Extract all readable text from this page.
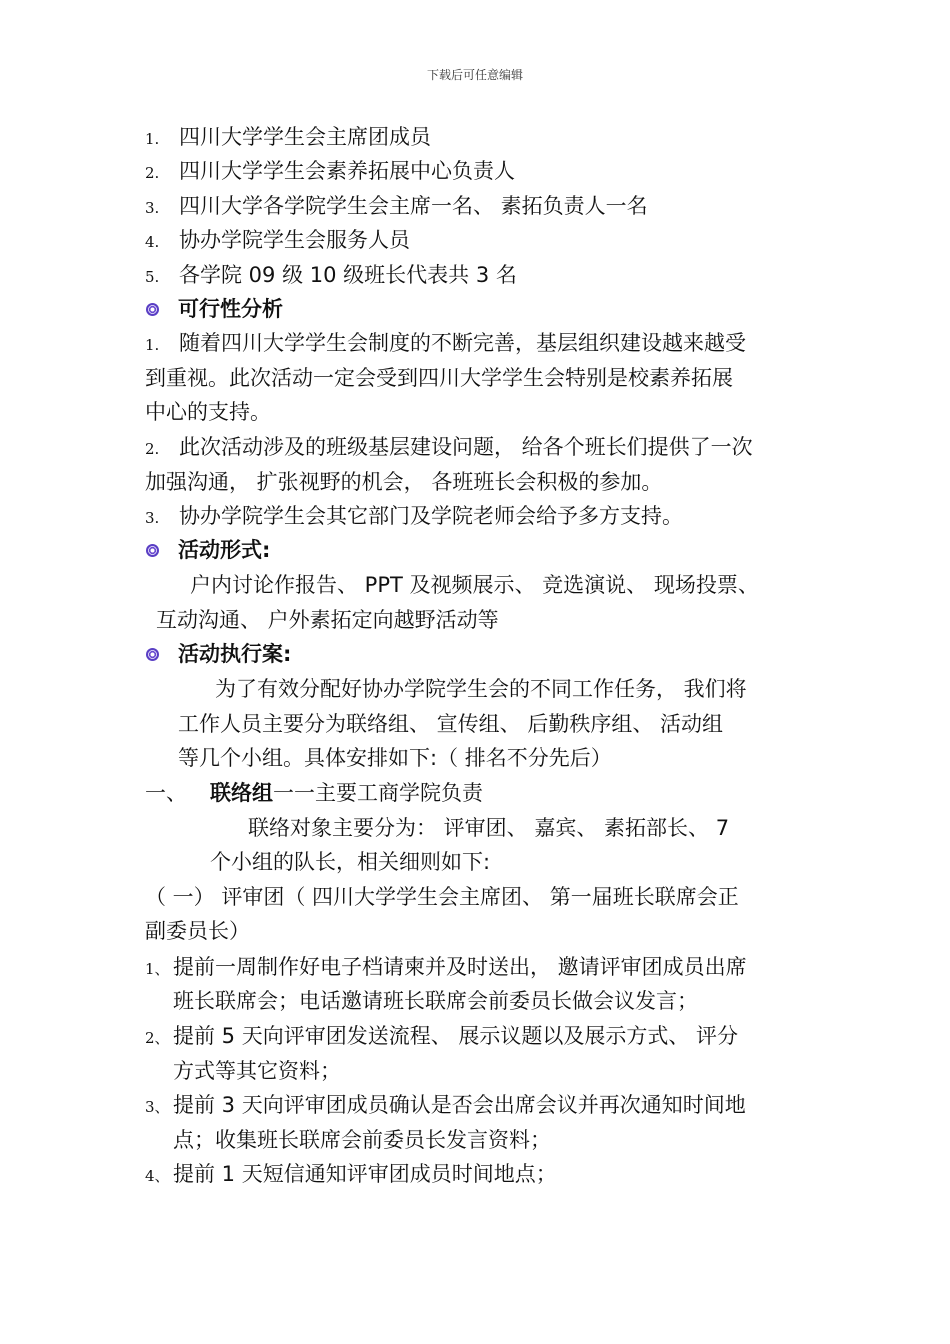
下载后可任意编辑
1. 四川大学学生会主席团成员
2. 四川大学学生会素养拓展中心负责人
3. 四川大学各学院学生会主席一名、 素拓负责人一名
4. 协办学院学生会服务人员
5. 各学院 09 级 10 级班长代表共 3 名
可行性分析
1. 随着四川大学学生会制度的不断完善，基层组织建设越来越受
到重视。此次活动一定会受到四川大学学生会特别是校素养拓展
中心的支持。
2. 此次活动涉及的班级基层建设问题， 给各个班长们提供了一次
加强沟通， 扩张视野的机会， 各班班长会积极的参加。
3. 协办学院学生会其它部门及学院老师会给予多方支持。
活动形式:
户内讨论作报告、 PPT 及视频展示、 竞选演说、 现场投票、
互动沟通、 户外素拓定向越野活动等
活动执行案:
为了有效分配好协办学院学生会的不同工作任务， 我们将
工作人员主要分为联络组、 宣传组、 后勤秩序组、 活动组
等几个小组。具体安排如下:（ 排名不分先后）
一、 联络组一一主要工商学院负责
联络对象主要分为： 评审团、 嘉宾、 素拓部长、 7
个小组的队长，相关细则如下:
（ 一） 评审团（ 四川大学学生会主席团、 第一届班长联席会正
副委员长）
1、 提前一周制作好电子档请柬并及时送出， 邀请评审团成员出席
班长联席会；电话邀请班长联席会前委员长做会议发言；
2、 提前 5 天向评审团发送流程、 展示议题以及展示方式、 评分
方式等其它资料；
3、 提前 3 天向评审团成员确认是否会出席会议并再次通知时间地
点；收集班长联席会前委员长发言资料；
4、 提前 1 天短信通知评审团成员时间地点；
